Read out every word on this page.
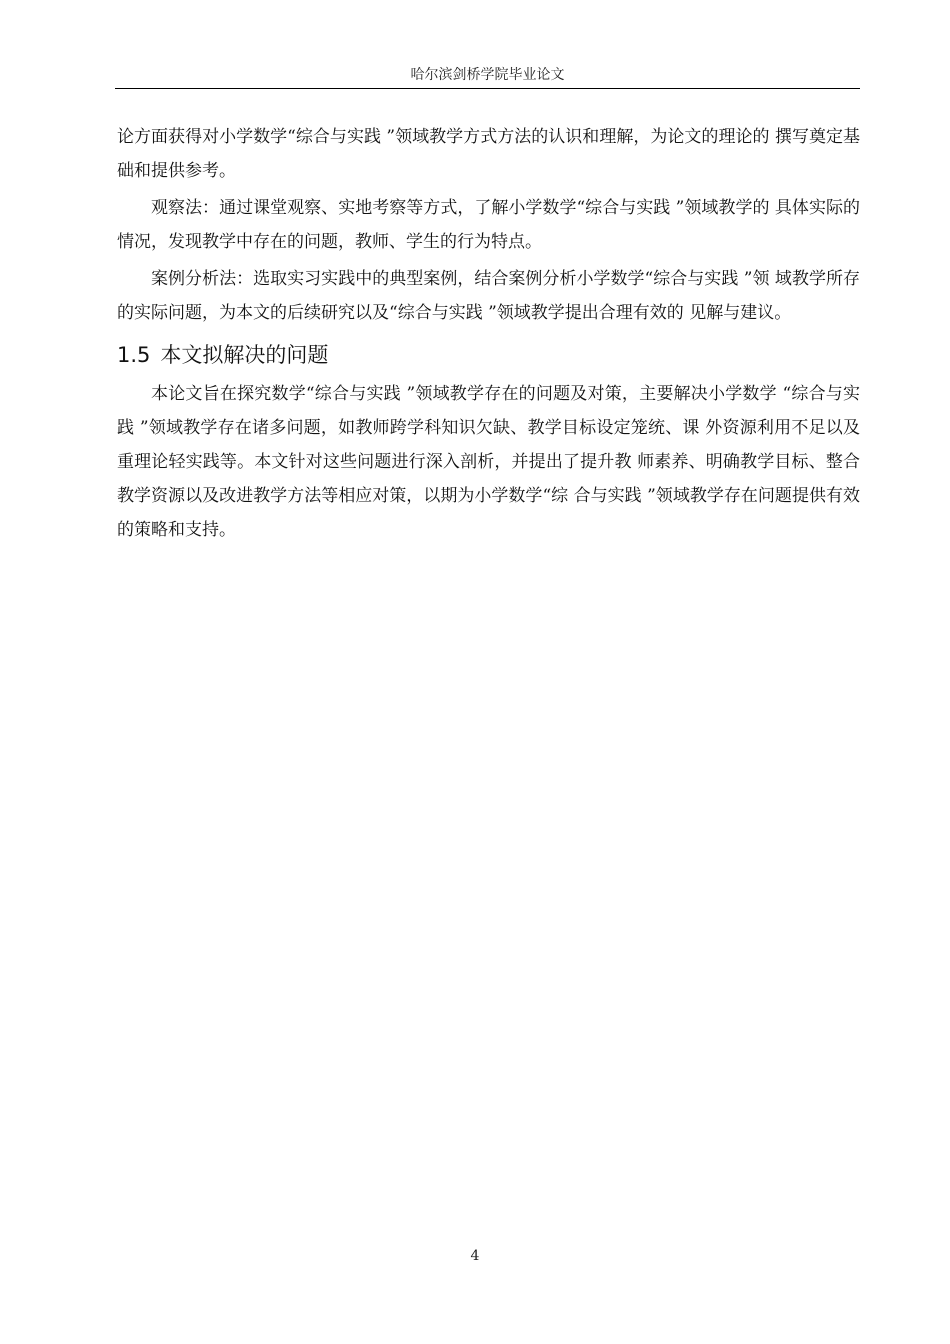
哈尔滨剑桥学院毕业论文

论方面获得对小学数学“综合与实践 ”领域教学方式方法的认识和理解，为论文的理论的 撰写奠定基础和提供参考。

观察法：通过课堂观察、实地考察等方式，了解小学数学“综合与实践 ”领域教学的 具体实际的情况，发现教学中存在的问题，教师、学生的行为特点。

案例分析法：选取实习实践中的典型案例，结合案例分析小学数学“综合与实践 ”领 域教学所存的实际问题，为本文的后续研究以及“综合与实践 ”领域教学提出合理有效的 见解与建议。

1.5 本文拟解决的问题

本论文旨在探究数学“综合与实践 ”领域教学存在的问题及对策，主要解决小学数学 “综合与实践 ”领域教学存在诸多问题，如教师跨学科知识欠缺、教学目标设定笼统、课 外资源利用不足以及重理论轻实践等。本文针对这些问题进行深入剖析，并提出了提升教 师素养、明确教学目标、整合教学资源以及改进教学方法等相应对策，以期为小学数学“综 合与实践 ”领域教学存在问题提供有效的策略和支持。

4
